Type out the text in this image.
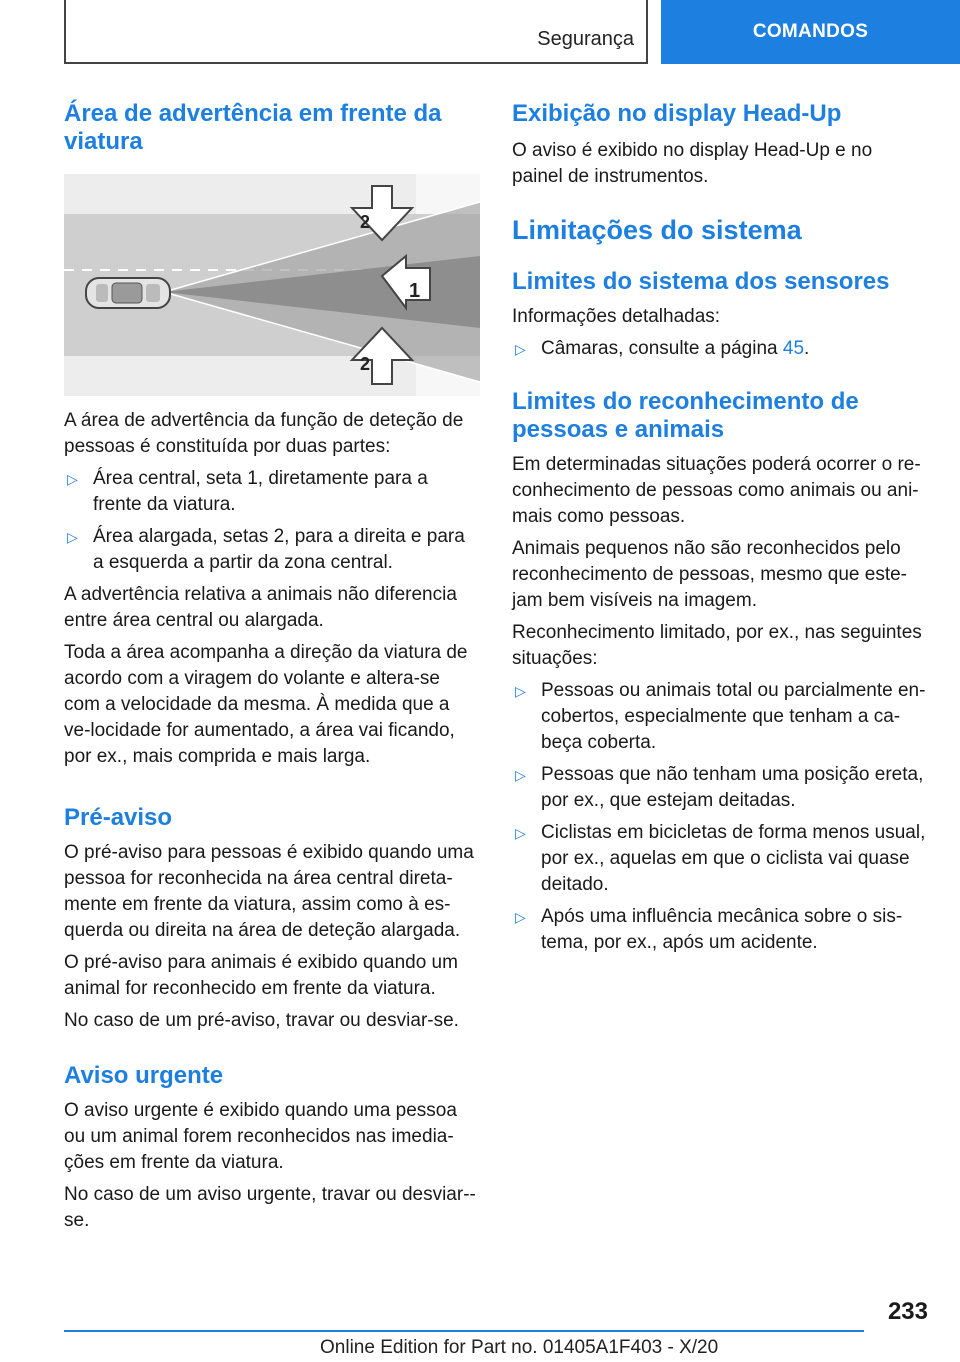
Segurança	COMANDOS
Área de advertência em frente da viatura
1
2
2

A área de advertência da função de deteção de pessoas é constituída por duas partes:

▷ Área central, seta 1, diretamente para a frente da viatura.
▷ Área alargada, setas 2, para a direita e para a esquerda a partir da zona central.

A advertência relativa a animais não diferencia entre área central ou alargada.

Toda a área acompanha a direção da viatura de acordo com a viragem do volante e altera-se com a velocidade da mesma. À medida que a ve-locidade for aumentado, a área vai ficando, por ex., mais comprida e mais larga.

Pré-aviso

O pré-aviso para pessoas é exibido quando uma pessoa for reconhecida na área central direta-mente em frente da viatura, assim como à es-querda ou direita na área de deteção alargada.

O pré-aviso para animais é exibido quando um animal for reconhecido em frente da viatura.

No caso de um pré-aviso, travar ou desviar-se.

Aviso urgente

O aviso urgente é exibido quando uma pessoa ou um animal forem reconhecidos nas imedia-ções em frente da viatura.

No caso de um aviso urgente, travar ou desviar--se.

Exibição no display Head-Up

O aviso é exibido no display Head-Up e no painel de instrumentos.

Limitações do sistema
Limites do sistema dos sensores

Informações detalhadas:

▷ Câmaras, consulte a página 45.
Limites do reconhecimento de pessoas e animais

Em determinadas situações poderá ocorrer o re-conhecimento de pessoas como animais ou ani-mais como pessoas.

Animais pequenos não são reconhecidos pelo reconhecimento de pessoas, mesmo que este-jam bem visíveis na imagem.

Reconhecimento limitado, por ex., nas seguintes situações:

▷ Pessoas ou animais total ou parcialmente en-cobertos, especialmente que tenham a ca-beça coberta.
▷ Pessoas que não tenham uma posição ereta, por ex., que estejam deitadas.
▷ Ciclistas em bicicletas de forma menos usual, por ex., aquelas em que o ciclista vai quase deitado.
▷ Após uma influência mecânica sobre o sis-tema, por ex., após um acidente.
233
Online Edition for Part no. 01405A1F403 - X/20
